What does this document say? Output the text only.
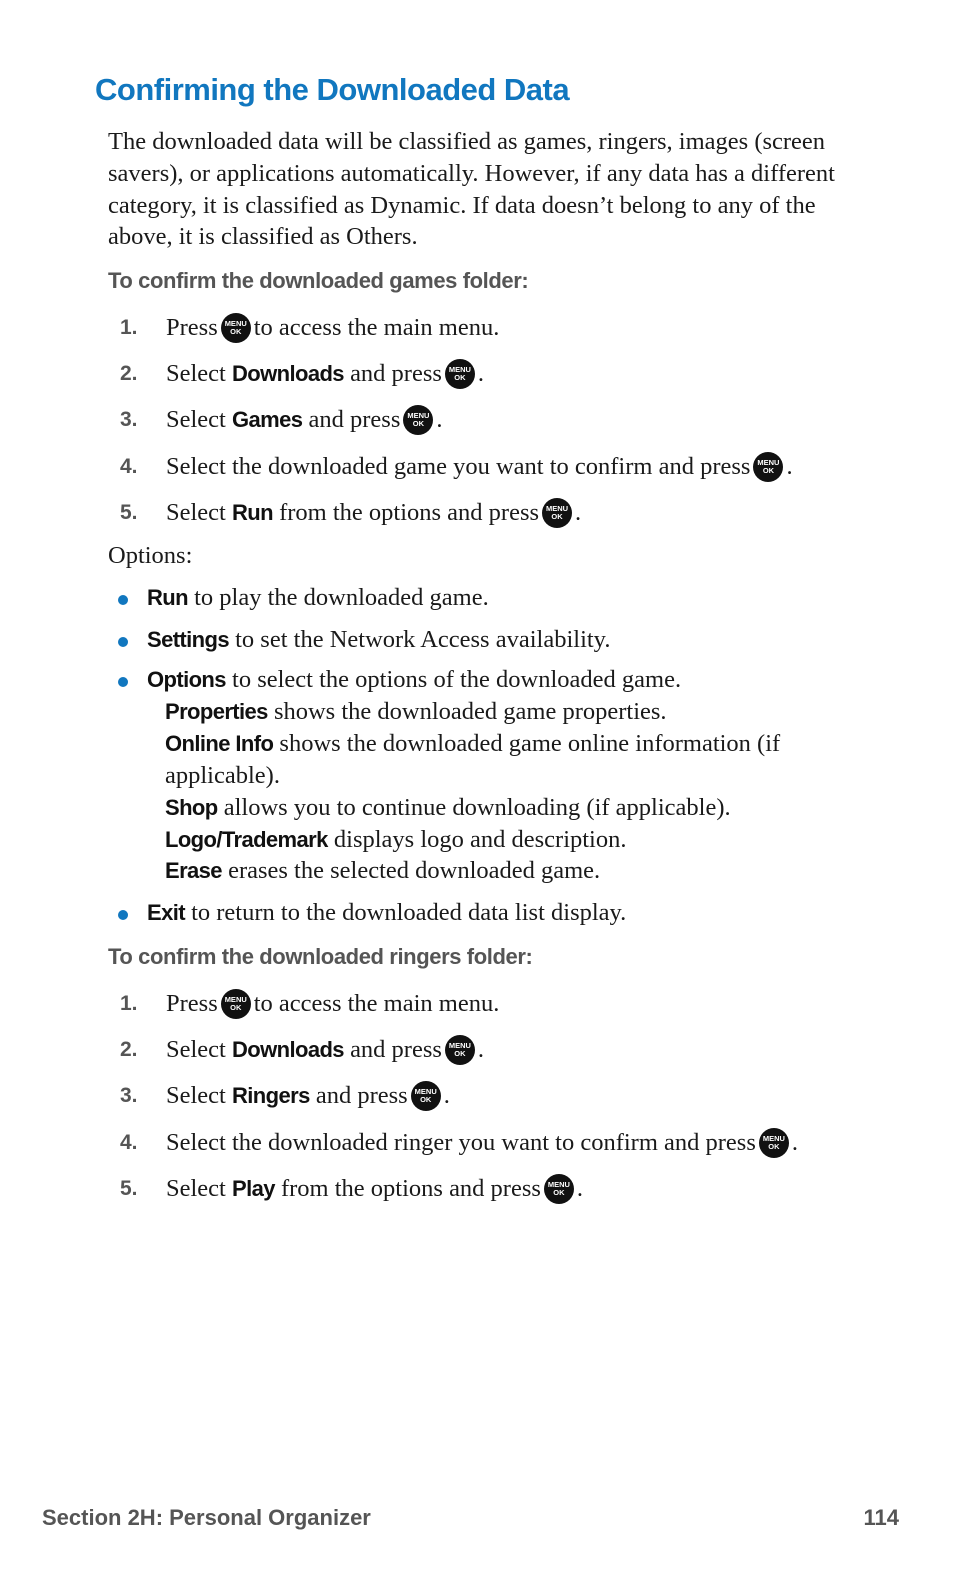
Confirming the Downloaded Data

The downloaded data will be classified as games, ringers, images (screen savers), or applications automatically. However, if any data has a different category, it is classified as Dynamic. If data doesn’t belong to any of the above, it is classified as Others.

To confirm the downloaded games folder:

1.	Press MENU
OK to access the main menu.
2.	Select
Downloads
and press MENU
OK .
3.	Select
Games
and press MENU
OK .
4.	Select the downloaded game you want to confirm and press MENU
OK .
5.	Select
Run
from the options and press MENU
OK .

Options:

Run to play the downloaded game.
Settings to set the Network Access availability.
Options to select the options of the downloaded game.
Properties shows the downloaded game properties.
Online Info shows the downloaded game online information (if applicable).
Shop allows you to continue downloading (if applicable).
Logo/Trademark displays logo and description.
Erase erases the selected downloaded game.
Exit to return to the downloaded data list display.

To confirm the downloaded ringers folder:

1.	Press MENU
OK to access the main menu.
2.	Select
Downloads
and press MENU
OK .
3.	Select
Ringers
and press MENU
OK .
4.	Select the downloaded ringer you want to confirm and press MENU
OK .
5.	Select
Play
from the options and press MENU
OK .
Section 2H: Personal Organizer	114
